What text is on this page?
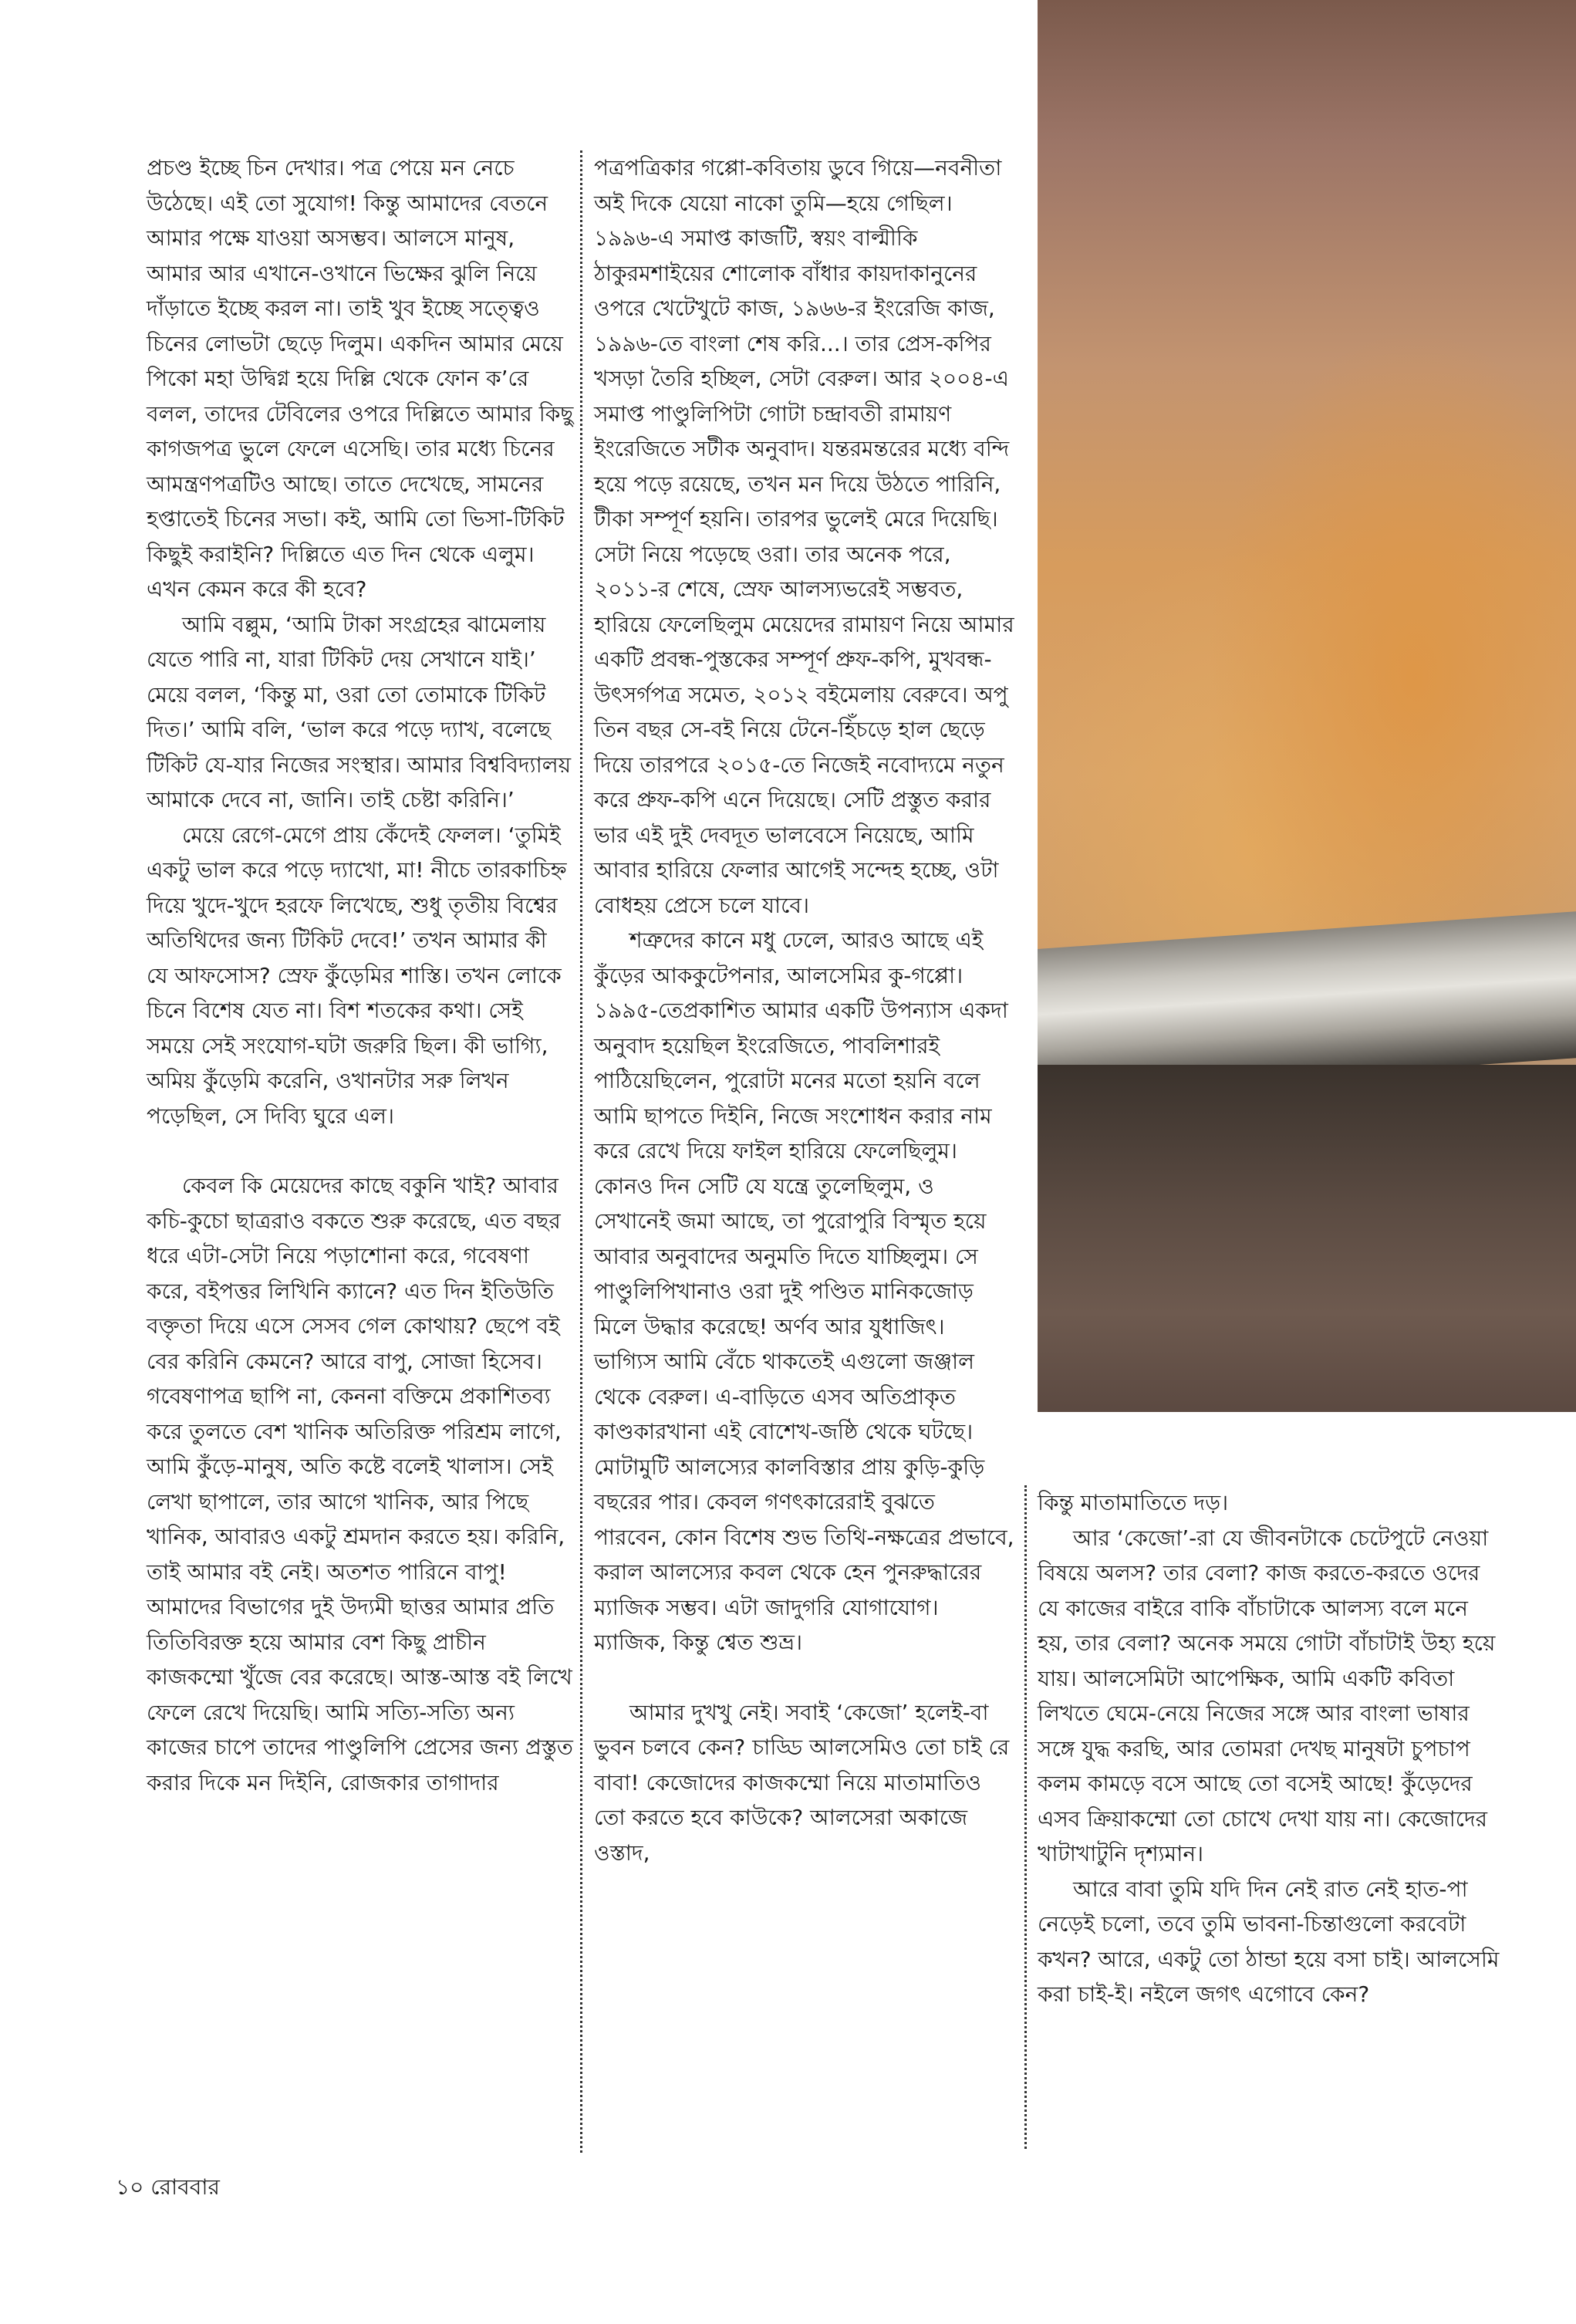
প্রচণ্ড ইচ্ছে চিন দেখার। পত্র পেয়ে মন নেচে উঠেছে। এই তো সুযোগ! কিন্তু আমাদের বেতনে আমার পক্ষে যাওয়া অসম্ভব। আলসে মানুষ, আমার আর এখানে-ওখানে ভিক্ষের ঝুলি নিয়ে দাঁড়াতে ইচ্ছে করল না। তাই খুব ইচ্ছে সত্ত্বেও চিনের লোভটা ছেড়ে দিলুম। একদিন আমার মেয়ে পিকো মহা উদ্বিগ্ন হয়ে দিল্লি থেকে ফোন ক’রে বলল, তাদের টেবিলের ওপরে দিল্লিতে আমার কিছু কাগজপত্র ভুলে ফেলে এসেছি। তার মধ্যে চিনের আমন্ত্রণপত্রটিও আছে। তাতে দেখেছে, সামনের হপ্তাতেই চিনের সভা। কই, আমি তো ভিসা-টিকিট কিছুই করাইনি? দিল্লিতে এত দিন থেকে এলুম। এখন কেমন করে কী হবে?

আমি বল্লুম, ‘আমি টাকা সংগ্রহের ঝামেলায় যেতে পারি না, যারা টিকিট দেয় সেখানে যাই।’ মেয়ে বলল, ‘কিন্তু মা, ওরা তো তোমাকে টিকিট দিত।’ আমি বলি, ‘ভাল করে পড়ে দ্যাখ, বলেছে টিকিট যে-যার নিজের সংস্থার। আমার বিশ্ববিদ্যালয় আমাকে দেবে না, জানি। তাই চেষ্টা করিনি।’

মেয়ে রেগে-মেগে প্রায় কেঁদেই ফেলল। ‘তুমিই একটু ভাল করে পড়ে দ্যাখো, মা! নীচে তারকাচিহ্ন দিয়ে খুদে-খুদে হরফে লিখেছে, শুধু তৃতীয় বিশ্বের অতিথিদের জন্য টিকিট দেবে!’ তখন আমার কী যে আফসোস? স্রেফ কুঁড়েমির শাস্তি। তখন লোকে চিনে বিশেষ যেত না। বিশ শতকের কথা। সেই সময়ে সেই সংযোগ-ঘটা জরুরি ছিল। কী ভাগ্যি, অমিয় কুঁড়েমি করেনি, ওখানটার সরু লিখন পড়েছিল, সে দিব্যি ঘুরে এল।

কেবল কি মেয়েদের কাছে বকুনি খাই? আবার কচি-কুচো ছাত্ররাও বকতে শুরু করেছে, এত বছর ধরে এটা-সেটা নিয়ে পড়াশোনা করে, গবেষণা করে, বইপত্তর লিখিনি ক্যানে? এত দিন ইতিউতি বক্তৃতা দিয়ে এসে সেসব গেল কোথায়? ছেপে বই বের করিনি কেমনে? আরে বাপু, সোজা হিসেব। গবেষণাপত্র ছাপি না, কেননা বক্তিমে প্রকাশিতব্য করে তুলতে বেশ খানিক অতিরিক্ত পরিশ্রম লাগে, আমি কুঁড়ে-মানুষ, অতি কষ্টে বলেই খালাস। সেই লেখা ছাপালে, তার আগে খানিক, আর পিছে খানিক, আবারও একটু শ্রমদান করতে হয়। করিনি, তাই আমার বই নেই। অতশত পারিনে বাপু! আমাদের বিভাগের দুই উদ্যমী ছাত্তর আমার প্রতি তিতিবিরক্ত হয়ে আমার বেশ কিছু প্রাচীন কাজকম্মো খুঁজে বের করেছে। আস্ত-আস্ত বই লিখে ফেলে রেখে দিয়েছি। আমি সত্যি-সত্যি অন্য কাজের চাপে তাদের পাণ্ডুলিপি প্রেসের জন্য প্রস্তুত করার দিকে মন দিইনি, রোজকার তাগাদার

পত্রপত্রিকার গপ্পো-কবিতায় ডুবে গিয়ে—নবনীতা অই দিকে যেয়ো নাকো তুমি—হয়ে গেছিল। ১৯৯৬-এ সমাপ্ত কাজটি, স্বয়ং বাল্মীকি ঠাকুরমশাইয়ের শোলোক বাঁধার কায়দাকানুনের ওপরে খেটেখুটে কাজ, ১৯৬৬-র ইংরেজি কাজ, ১৯৯৬-তে বাংলা শেষ করি...। তার প্রেস-কপির খসড়া তৈরি হচ্ছিল, সেটা বেরুল। আর ২০০৪-এ সমাপ্ত পাণ্ডুলিপিটা গোটা চন্দ্রাবতী রামায়ণ ইংরেজিতে সটীক অনুবাদ। যন্তরমন্তরের মধ্যে বন্দি হয়ে পড়ে রয়েছে, তখন মন দিয়ে উঠতে পারিনি, টীকা সম্পূর্ণ হয়নি। তারপর ভুলেই মেরে দিয়েছি। সেটা নিয়ে পড়েছে ওরা। তার অনেক পরে, ২০১১-র শেষে, স্রেফ আলস্যভরেই সম্ভবত, হারিয়ে ফেলেছিলুম মেয়েদের রামায়ণ নিয়ে আমার একটি প্রবন্ধ-পুস্তকের সম্পূর্ণ প্রুফ-কপি, মুখবন্ধ-উৎসর্গপত্র সমেত, ২০১২ বইমেলায় বেরুবে। অপু তিন বছর সে-বই নিয়ে টেনে-হিঁচড়ে হাল ছেড়ে দিয়ে তারপরে ২০১৫-তে নিজেই নবোদ্যমে নতুন করে প্রুফ-কপি এনে দিয়েছে। সেটি প্রস্তুত করার ভার এই দুই দেবদূত ভালবেসে নিয়েছে, আমি আবার হারিয়ে ফেলার আগেই সন্দেহ হচ্ছে, ওটা বোধহয় প্রেসে চলে যাবে।

শত্রুদের কানে মধু ঢেলে, আরও আছে এই কুঁড়ের আককুটেপনার, আলসেমির কু-গপ্পো। ১৯৯৫-তেপ্রকাশিত আমার একটি উপন্যাস একদা অনুবাদ হয়েছিল ইংরেজিতে, পাবলিশারই পাঠিয়েছিলেন, পুরোটা মনের মতো হয়নি বলে আমি ছাপতে দিইনি, নিজে সংশোধন করার নাম করে রেখে দিয়ে ফাইল হারিয়ে ফেলেছিলুম। কোনও দিন সেটি যে যন্ত্রে তুলেছিলুম, ও সেখানেই জমা আছে, তা পুরোপুরি বিস্মৃত হয়ে আবার অনুবাদের অনুমতি দিতে যাচ্ছিলুম। সে পাণ্ডুলিপিখানাও ওরা দুই পণ্ডিত মানিকজোড় মিলে উদ্ধার করেছে! অর্ণব আর যুধাজিৎ। ভাগ্যিস আমি বেঁচে থাকতেই এগুলো জঞ্জাল থেকে বেরুল। এ-বাড়িতে এসব অতিপ্রাকৃত কাণ্ডকারখানা এই বোশেখ-জষ্ঠি থেকে ঘটছে। মোটামুটি আলস্যের কালবিস্তার প্রায় কুড়ি-কুড়ি বছরের পার। কেবল গণৎকারেরাই বুঝতে পারবেন, কোন বিশেষ শুভ তিথি-নক্ষত্রের প্রভাবে, করাল আলস্যের কবল থেকে হেন পুনরুদ্ধারের ম্যাজিক সম্ভব। এটা জাদুগরি যোগাযোগ। ম্যাজিক, কিন্তু শ্বেত শুভ্র।

আমার দুখখু নেই। সবাই ‘কেজো’ হলেই-বা ভুবন চলবে কেন? চাড্ডি আলসেমিও তো চাই রে বাবা! কেজোদের কাজকম্মো নিয়ে মাতামাতিও তো করতে হবে কাউকে? আলসেরা অকাজে ওস্তাদ,

কিন্তু মাতামাতিতে দড়।

আর ‘কেজো’-রা যে জীবনটাকে চেটেপুটে নেওয়া বিষয়ে অলস? তার বেলা? কাজ করতে-করতে ওদের যে কাজের বাইরে বাকি বাঁচাটাকে আলস্য বলে মনে হয়, তার বেলা? অনেক সময়ে গোটা বাঁচাটাই উহ্য হয়ে যায়। আলসেমিটা আপেক্ষিক, আমি একটি কবিতা লিখতে ঘেমে-নেয়ে নিজের সঙ্গে আর বাংলা ভাষার সঙ্গে যুদ্ধ করছি, আর তোমরা দেখছ মানুষটা চুপচাপ কলম কামড়ে বসে আছে তো বসেই আছে! কুঁড়েদের এসব ক্রিয়াকম্মো তো চোখে দেখা যায় না। কেজোদের খাটাখাটুনি দৃশ্যমান।

আরে বাবা তুমি যদি দিন নেই রাত নেই হাত-পা নেড়েই চলো, তবে তুমি ভাবনা-চিন্তাগুলো করবেটা কখন? আরে, একটু তো ঠান্ডা হয়ে বসা চাই। আলসেমি করা চাই-ই। নইলে জগৎ এগোবে কেন?

১০ রোববার
